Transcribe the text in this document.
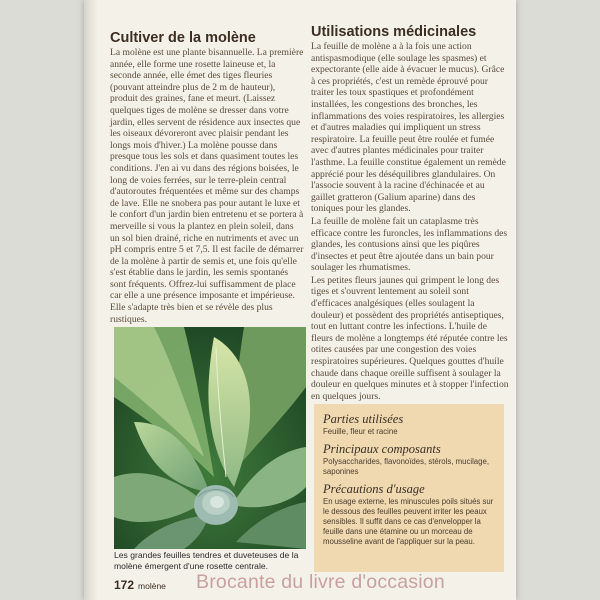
Cultiver de la molène

La molène est une plante bisannuelle. La première année, elle forme une rosette laineuse et, la seconde année, elle émet des tiges fleuries (pouvant atteindre plus de 2 m de hauteur), produit des graines, fane et meurt. (Laissez quelques tiges de molène se dresser dans votre jardin, elles servent de résidence aux insectes que les oiseaux dévoreront avec plaisir pendant les longs mois d'hiver.) La molène pousse dans presque tous les sols et dans quasiment toutes les conditions. J'en ai vu dans des régions boisées, le long de voies ferrées, sur le terre-plein central d'autoroutes fréquentées et même sur des champs de lave. Elle ne snobera pas pour autant le luxe et le confort d'un jardin bien entretenu et se portera à merveille si vous la plantez en plein soleil, dans un sol bien drainé, riche en nutriments et avec un pH compris entre 5 et 7,5. Il est facile de démarrer de la molène à partir de semis et, une fois qu'elle s'est établie dans le jardin, les semis spontanés sont fréquents. Offrez-lui suffisamment de place car elle a une présence imposante et impérieuse. Elle s'adapte très bien et se révèle des plus rustiques.

Les grandes feuilles tendres et duveteuses de la molène émergent d'une rosette centrale.
172 molène
Utilisations médicinales

La feuille de molène a à la fois une action antispasmodique (elle soulage les spasmes) et expectorante (elle aide à évacuer le mucus). Grâce à ces propriétés, c'est un remède éprouvé pour traiter les toux spastiques et profondément installées, les congestions des bronches, les inflammations des voies respiratoires, les allergies et d'autres maladies qui impliquent un stress respiratoire. La feuille peut être roulée et fumée avec d'autres plantes médicinales pour traiter l'asthme. La feuille constitue également un remède apprécié pour les déséquilibres glandulaires. On l'associe souvent à la racine d'échinacée et au gaillet gratteron (Galium aparine) dans des toniques pour les glandes.

La feuille de molène fait un cataplasme très efficace contre les furoncles, les inflammations des glandes, les contusions ainsi que les piqûres d'insectes et peut être ajoutée dans un bain pour soulager les rhumatismes.

Les petites fleurs jaunes qui grimpent le long des tiges et s'ouvrent lentement au soleil sont d'efficaces analgésiques (elles soulagent la douleur) et possèdent des propriétés antiseptiques, tout en luttant contre les infections. L'huile de fleurs de molène a longtemps été réputée contre les otites causées par une congestion des voies respiratoires supérieures. Quelques gouttes d'huile chaude dans chaque oreille suffisent à soulager la douleur en quelques minutes et à stopper l'infection en quelques jours.

Parties utilisées

Feuille, fleur et racine

Principaux composants

Polysaccharides, flavonoïdes, stérols, mucilage, saponines

Précautions d'usage

En usage externe, les minuscules poils situés sur le dessous des feuilles peuvent irriter les peaux sensibles. Il suffit dans ce cas d'envelopper la feuille dans une étamine ou un morceau de mousseline avant de l'appliquer sur la peau.

Brocante du livre d'occasion
